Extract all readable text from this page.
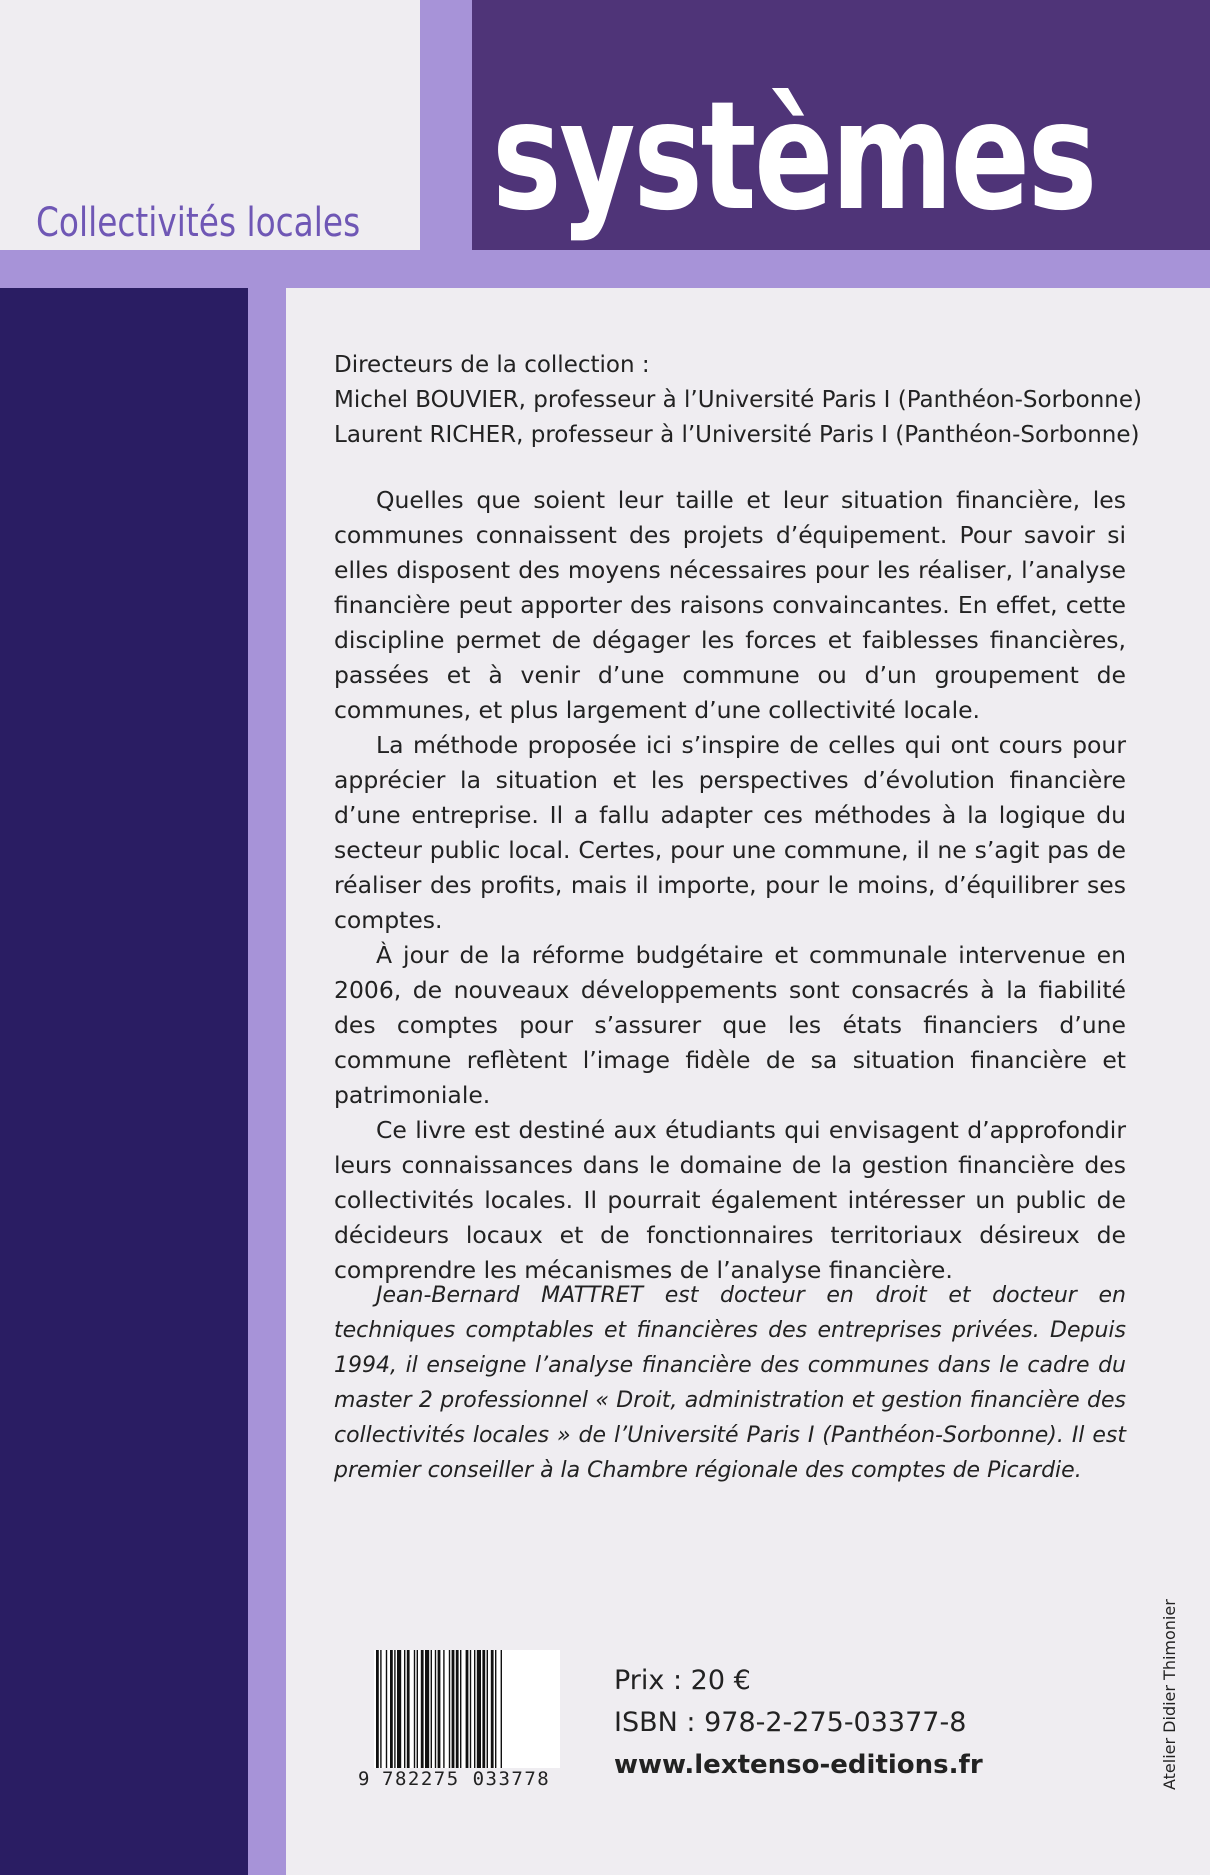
systèmes
Collectivités locales
Directeurs de la collection :
Michel BOUVIER, professeur à l’Université Paris I (Panthéon-Sorbonne)
Laurent RICHER, professeur à l’Université Paris I (Panthéon-Sorbonne)

Quelles que soient leur taille et leur situation financière, les communes connaissent des projets d’équipement. Pour savoir si elles disposent des moyens nécessaires pour les réaliser, l’analyse financière peut apporter des raisons convaincantes. En effet, cette discipline permet de dégager les forces et faiblesses financières, passées et à venir d’une commune ou d’un groupement de communes, et plus largement d’une collectivité locale.

La méthode proposée ici s’inspire de celles qui ont cours pour apprécier la situation et les perspectives d’évolution financière d’une entreprise. Il a fallu adapter ces méthodes à la logique du secteur public local. Certes, pour une commune, il ne s’agit pas de réaliser des profits, mais il importe, pour le moins, d’équilibrer ses comptes.

À jour de la réforme budgétaire et communale intervenue en 2006, de nouveaux développements sont consacrés à la fiabilité des comptes pour s’assurer que les états financiers d’une commune reflètent l’image fidèle de sa situation financière et patrimoniale.

Ce livre est destiné aux étudiants qui envisagent d’approfondir leurs connaissances dans le domaine de la gestion financière des collectivités locales. Il pourrait également intéresser un public de décideurs locaux et de fonctionnaires territoriaux désireux de comprendre les mécanismes de l’analyse financière.

Jean-Bernard MATTRET est docteur en droit et docteur en techniques comptables et financières des entreprises privées. Depuis 1994, il enseigne l’analyse financière des communes dans le cadre du master 2 professionnel « Droit, administration et gestion financière des collectivités locales » de l’Université Paris I (Panthéon-Sorbonne). Il est premier conseiller à la Chambre régionale des comptes de Picardie.

Atelier Didier Thimonier
9 782275 033778
Prix : 20 €
ISBN : 978-2-275-03377-8
www.lextenso-editions.fr
